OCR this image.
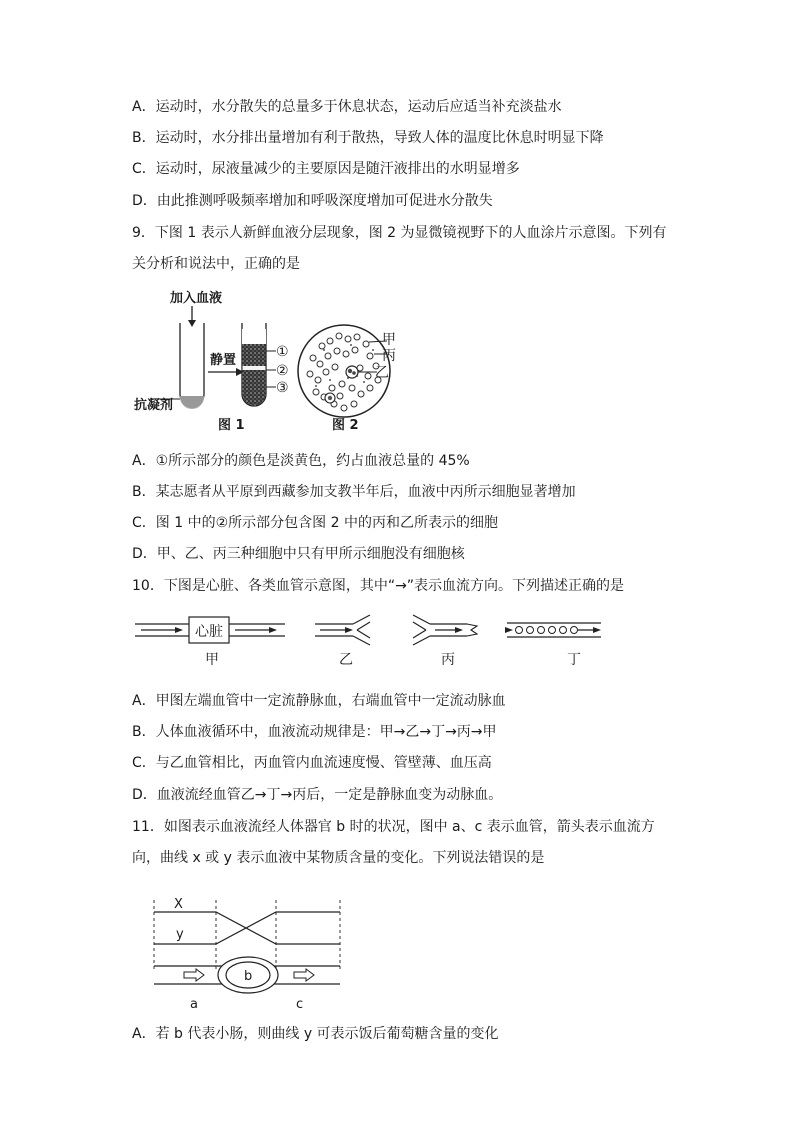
A．运动时，水分散失的总量多于休息状态，运动后应适当补充淡盐水
B．运动时，水分排出量增加有利于散热，导致人体的温度比休息时明显下降
C．运动时，尿液量减少的主要原因是随汗液排出的水明显增多
D．由此推测呼吸频率增加和呼吸深度增加可促进水分散失
9．下图 1 表示人新鲜血液分层现象，图 2 为显微镜视野下的人血涂片示意图。下列有
关分析和说法中，正确的是
加入血液
抗凝剂
静置
①
②
③
图 1
甲
丙
乙
图 2
A．①所示部分的颜色是淡黄色，约占血液总量的 45%
B．某志愿者从平原到西藏参加支教半年后，血液中丙所示细胞显著增加
C．图 1 中的②所示部分包含图 2 中的丙和乙所表示的细胞
D．甲、乙、丙三种细胞中只有甲所示细胞没有细胞核
10．下图是心脏、各类血管示意图，其中“→”表示血流方向。下列描述正确的是
心脏
甲	乙	丙	丁
A．甲图左端血管中一定流静脉血，右端血管中一定流动脉血
B．人体血液循环中，血液流动规律是：甲→乙→丁→丙→甲
C．与乙血管相比，丙血管内血流速度慢、管壁薄、血压高
D．血液流经血管乙→丁→丙后，一定是静脉血变为动脉血。
11．如图表示血液流经人体器官 b 时的状况，图中 a、c 表示血管，箭头表示血流方
向，曲线 x 或 y 表示血液中某物质含量的变化。下列说法错误的是
X
y
b
a	c
A．若 b 代表小肠，则曲线 y 可表示饭后葡萄糖含量的变化
